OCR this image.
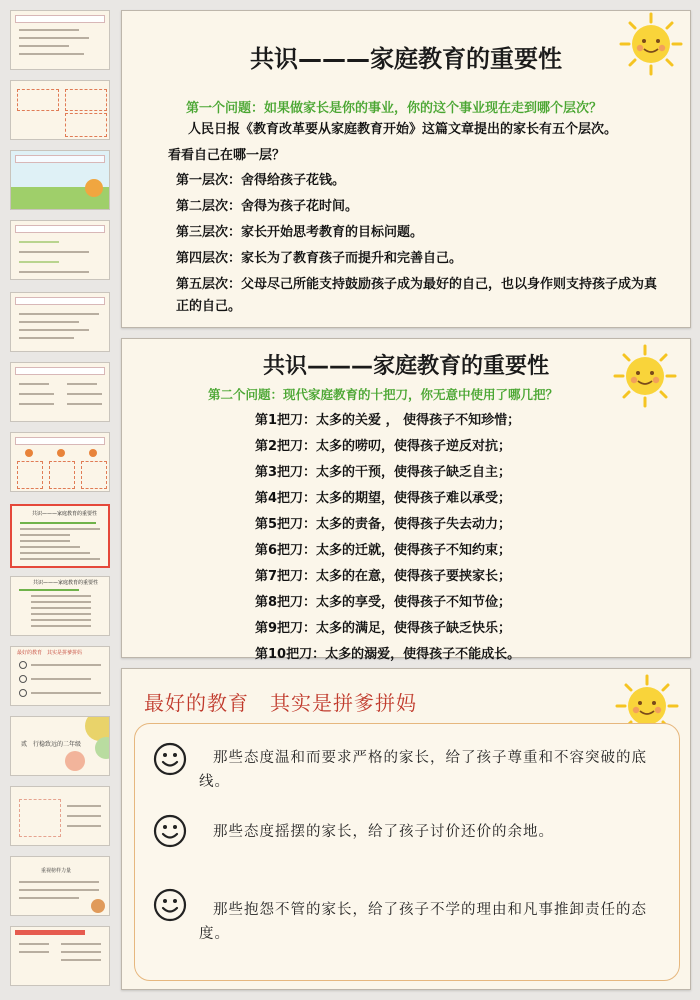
共识———家庭教育的重要性
共识———家庭教育的重要性
最好的教育　其实是拼爹拼妈
贰　行稳致远的二年级
重视榜样力量
共识———家庭教育的重要性
第一个问题：如果做家长是你的事业，你的这个事业现在走到哪个层次？
人民日报《教育改革要从家庭教育开始》这篇文章提出的家长有五个层次。
看看自己在哪一层？
第一层次：舍得给孩子花钱。
第二层次：舍得为孩子花时间。
第三层次：家长开始思考教育的目标问题。
第四层次：家长为了教育孩子而提升和完善自己。
第五层次：父母尽己所能支持鼓励孩子成为最好的自己，也以身作则支持孩子成为真正的自己。
共识———家庭教育的重要性
第二个问题：现代家庭教育的十把刀，你无意中使用了哪几把？
第1把刀：太多的关爱 ， 使得孩子不知珍惜；
第2把刀：太多的唠叨，使得孩子逆反对抗；
第3把刀：太多的干预，使得孩子缺乏自主；
第4把刀：太多的期望，使得孩子难以承受；
第5把刀：太多的责备，使得孩子失去动力；
第6把刀：太多的迁就，使得孩子不知约束；
第7把刀：太多的在意，使得孩子要挟家长；
第8把刀：太多的享受，使得孩子不知节俭；
第9把刀：太多的满足，使得孩子缺乏快乐；
第10把刀：太多的溺爱，使得孩子不能成长。
最好的教育　其实是拼爹拼妈
那些态度温和而要求严格的家长，给了孩子尊重和不容突破的底线。
那些态度摇摆的家长，给了孩子讨价还价的余地。
那些抱怨不管的家长，给了孩子不学的理由和凡事推卸责任的态度。
